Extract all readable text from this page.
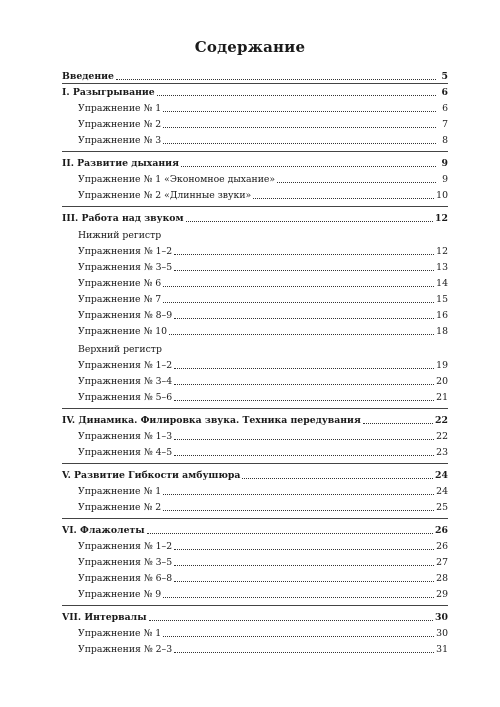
Содержание
Введение	5
I. Разыгрывание	6
Упражнение № 1	6
Упражнение № 2	7
Упражнение № 3	8
II. Развитие дыхания	9
Упражнение № 1 «Экономное дыхание»	9
Упражнение № 2 «Длинные звуки»	10
III. Работа над звуком	12
Нижний регистр
Упражнения № 1–2	12
Упражнения № 3–5	13
Упражнение № 6	14
Упражнение № 7	15
Упражнения № 8–9	16
Упражнение № 10	18
Верхний регистр
Упражнения № 1–2	19
Упражнения № 3–4	20
Упражнения № 5–6	21
IV. Динамика. Филировка звука. Техника передувания	22
Упражнения № 1–3	22
Упражнения № 4–5	23
V. Развитие Гибкости амбушюра	24
Упражнение № 1	24
Упражнение № 2	25
VI. Флажолеты	26
Упражнения № 1–2	26
Упражнения № 3–5	27
Упражнения № 6–8	28
Упражнение № 9	29
VII. Интервалы	30
Упражнение № 1	30
Упражнения № 2–3	31
